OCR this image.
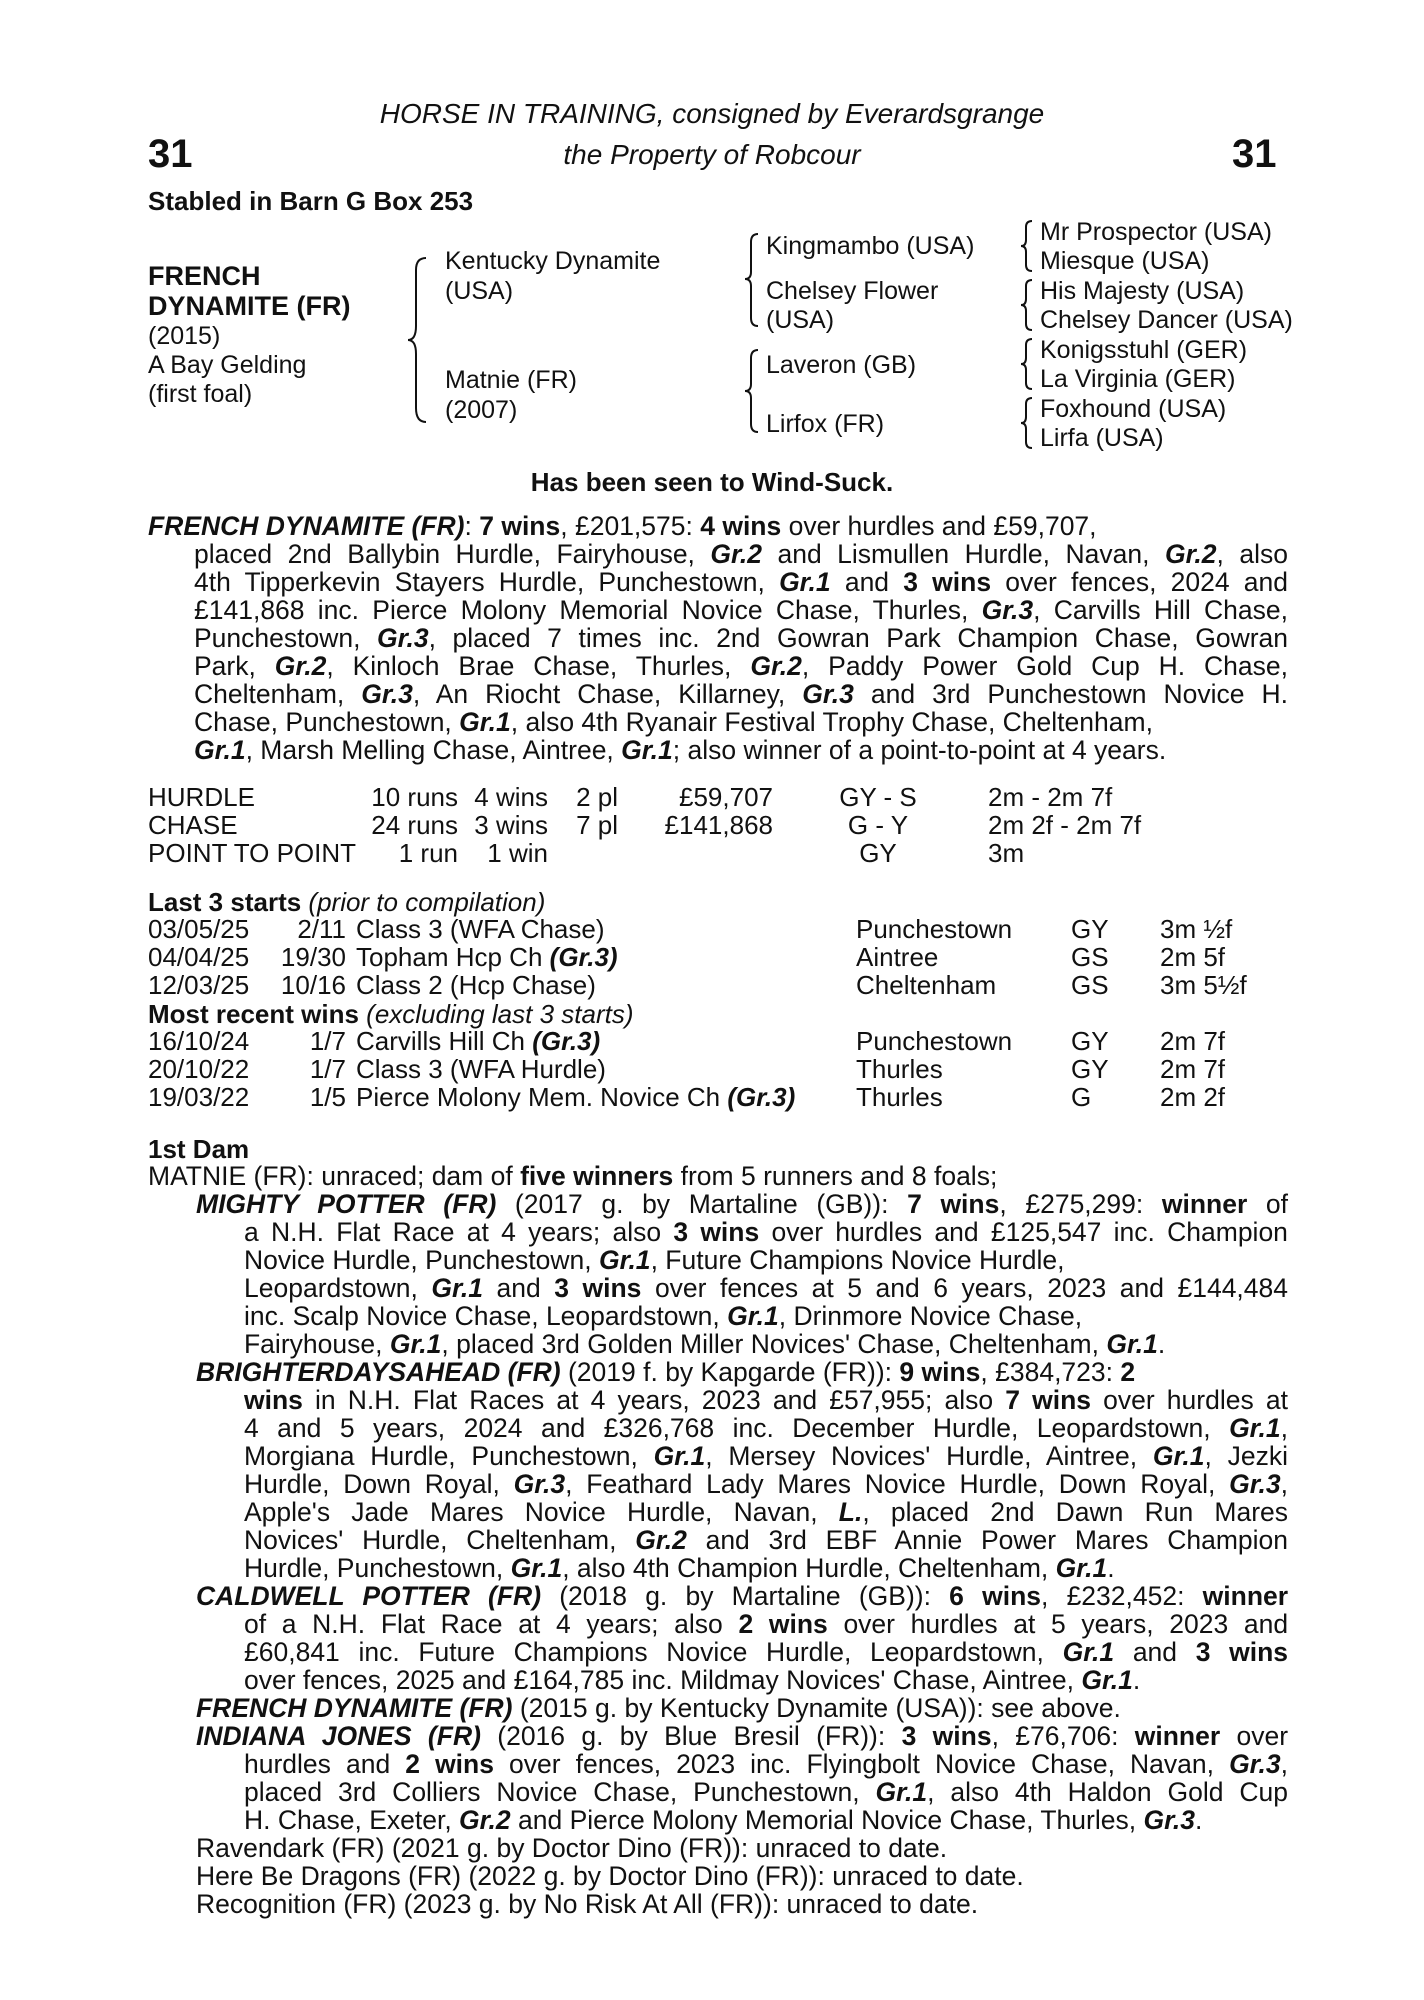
HORSE IN TRAINING, consigned by Everardsgrange
the Property of Robcour
31	31
Stabled in Barn G Box 253
FRENCH
DYNAMITE (FR)
(2015)
A Bay Gelding
(first foal)
Kentucky Dynamite
(USA)
Matnie (FR)
(2007)
Kingmambo (USA)
Chelsey Flower
(USA)
Laveron (GB)
Lirfox (FR)
Mr Prospector (USA)
Miesque (USA)
His Majesty (USA)
Chelsey Dancer (USA)
Konigsstuhl (GER)
La Virginia (GER)
Foxhound (USA)
Lirfa (USA)
Has been seen to Wind-Suck.
FRENCH DYNAMITE (FR): 7 wins, £201,575: 4 wins over hurdles and £59,707,
placed 2nd Ballybin Hurdle, Fairyhouse, Gr.2 and Lismullen Hurdle, Navan, Gr.2, also
4th Tipperkevin Stayers Hurdle, Punchestown, Gr.1 and 3 wins over fences, 2024 and
£141,868 inc. Pierce Molony Memorial Novice Chase, Thurles, Gr.3, Carvills Hill Chase,
Punchestown, Gr.3, placed 7 times inc. 2nd Gowran Park Champion Chase, Gowran
Park, Gr.2, Kinloch Brae Chase, Thurles, Gr.2, Paddy Power Gold Cup H. Chase,
Cheltenham, Gr.3, An Riocht Chase, Killarney, Gr.3 and 3rd Punchestown Novice H.
Chase, Punchestown, Gr.1, also 4th Ryanair Festival Trophy Chase, Cheltenham,
Gr.1, Marsh Melling Chase, Aintree, Gr.1; also winner of a point-to-point at 4 years.
HURDLE	10 runs 4 wins 2 pl £59,707	GY - S	2m - 2m 7f
CHASE	24 runs 3 wins 7 pl £141,868	G - Y	2m 2f - 2m 7f
POINT TO POINT 1 run 1 win	GY	3m
Last 3 starts (prior to compilation)
03/05/25 2/11 Class 3 (WFA Chase)	Punchestown GY 3m ½f
04/04/25 19/30 Topham Hcp Ch (Gr.3)	Aintree	GS 2m 5f
12/03/25 10/16 Class 2 (Hcp Chase)	Cheltenham	GS 3m 5½f
Most recent wins (excluding last 3 starts)
16/10/24 1/7 Carvills Hill Ch (Gr.3)	Punchestown GY 2m 7f
20/10/22 1/7 Class 3 (WFA Hurdle)	Thurles	GY 2m 7f
19/03/22 1/5 Pierce Molony Mem. Novice Ch (Gr.3) Thurles	G	2m 2f
1st Dam
MATNIE (FR): unraced; dam of five winners from 5 runners and 8 foals;
MIGHTY POTTER (FR) (2017 g. by Martaline (GB)): 7 wins, £275,299: winner of
a N.H. Flat Race at 4 years; also 3 wins over hurdles and £125,547 inc. Champion
Novice Hurdle, Punchestown, Gr.1, Future Champions Novice Hurdle,
Leopardstown, Gr.1 and 3 wins over fences at 5 and 6 years, 2023 and £144,484
inc. Scalp Novice Chase, Leopardstown, Gr.1, Drinmore Novice Chase,
Fairyhouse, Gr.1, placed 3rd Golden Miller Novices' Chase, Cheltenham, Gr.1.
BRIGHTERDAYSAHEAD (FR) (2019 f. by Kapgarde (FR)): 9 wins, £384,723: 2
wins in N.H. Flat Races at 4 years, 2023 and £57,955; also 7 wins over hurdles at
4 and 5 years, 2024 and £326,768 inc. December Hurdle, Leopardstown, Gr.1,
Morgiana Hurdle, Punchestown, Gr.1, Mersey Novices' Hurdle, Aintree, Gr.1, Jezki
Hurdle, Down Royal, Gr.3, Feathard Lady Mares Novice Hurdle, Down Royal, Gr.3,
Apple's Jade Mares Novice Hurdle, Navan, L., placed 2nd Dawn Run Mares
Novices' Hurdle, Cheltenham, Gr.2 and 3rd EBF Annie Power Mares Champion
Hurdle, Punchestown, Gr.1, also 4th Champion Hurdle, Cheltenham, Gr.1.
CALDWELL POTTER (FR) (2018 g. by Martaline (GB)): 6 wins, £232,452: winner
of a N.H. Flat Race at 4 years; also 2 wins over hurdles at 5 years, 2023 and
£60,841 inc. Future Champions Novice Hurdle, Leopardstown, Gr.1 and 3 wins
over fences, 2025 and £164,785 inc. Mildmay Novices' Chase, Aintree, Gr.1.
FRENCH DYNAMITE (FR) (2015 g. by Kentucky Dynamite (USA)): see above.
INDIANA JONES (FR) (2016 g. by Blue Bresil (FR)): 3 wins, £76,706: winner over
hurdles and 2 wins over fences, 2023 inc. Flyingbolt Novice Chase, Navan, Gr.3,
placed 3rd Colliers Novice Chase, Punchestown, Gr.1, also 4th Haldon Gold Cup
H. Chase, Exeter, Gr.2 and Pierce Molony Memorial Novice Chase, Thurles, Gr.3.
Ravendark (FR) (2021 g. by Doctor Dino (FR)): unraced to date.
Here Be Dragons (FR) (2022 g. by Doctor Dino (FR)): unraced to date.
Recognition (FR) (2023 g. by No Risk At All (FR)): unraced to date.
